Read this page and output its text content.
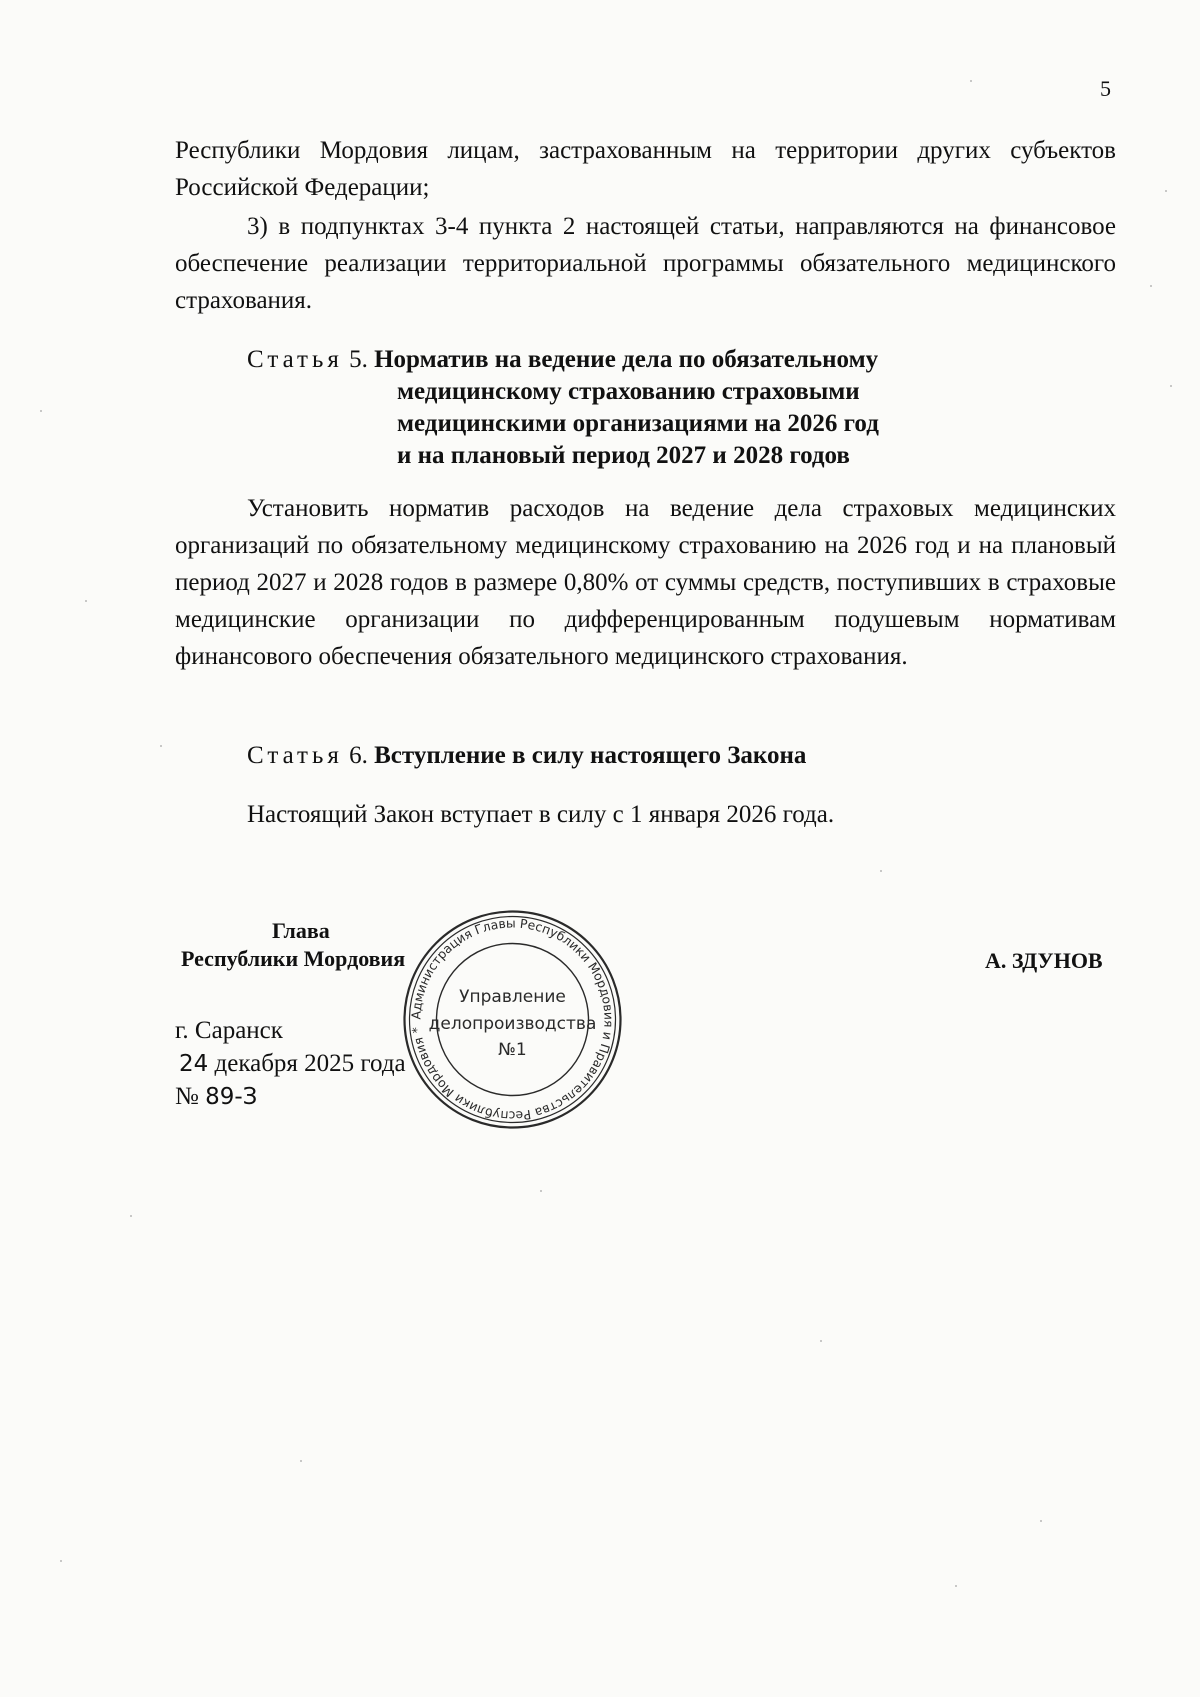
5

Республики Мордовия лицам, застрахованным на территории других субъектов Российской Федерации;

3) в подпунктах 3-4 пункта 2 настоящей статьи, направляются на финансовое обеспечение реализации территориальной программы обязательного медицинского страхования.

Статья 5. Норматив на ведение дела по обязательному

медицинскому страхованию страховыми

медицинскими организациями на 2026 год

и на плановый период 2027 и 2028 годов

Установить норматив расходов на ведение дела страховых медицинских организаций по обязательному медицинскому страхованию на 2026 год и на плановый период 2027 и 2028 годов в размере 0,80% от суммы средств, поступивших в страховые медицинские организации по дифференцированным подушевым нормативам финансового обеспечения обязательного медицинского страхования.

Статья 6. Вступление в силу настоящего Закона

Настоящий Закон вступает в силу с 1 января 2026 года.

Глава

Республики Мордовия	А. ЗДУНОВ

г. Саранск
24 декабря 2025 года
№ 89-З
Администрация Главы Республики Мордовия и Правительства Республики Мордовия *
Управление
делопроизводства
№1
